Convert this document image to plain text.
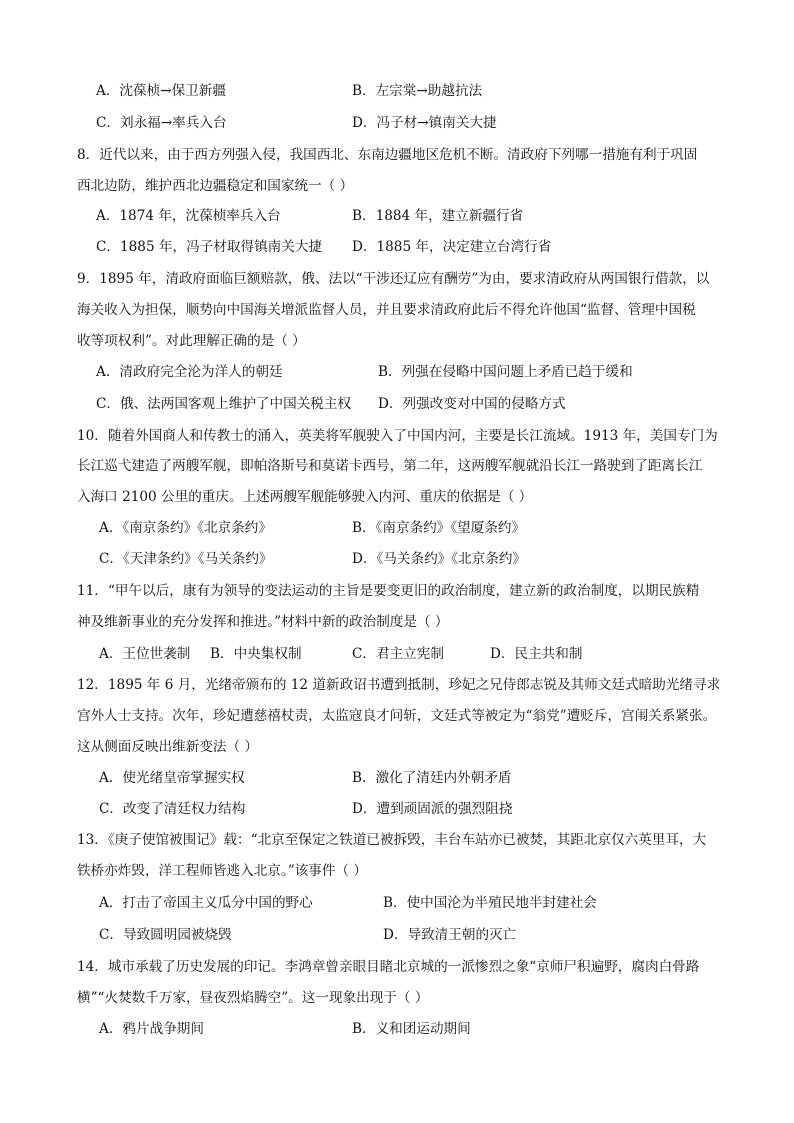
A．沈葆桢→保卫新疆	B．左宗棠→助越抗法
C．刘永福→率兵入台	D．冯子材→镇南关大捷
8．近代以来，由于西方列强入侵，我国西北、东南边疆地区危机不断。清政府下列哪一措施有利于巩固
西北边防，维护西北边疆稳定和国家统一（ ）
A．1874 年，沈葆桢率兵入台	B．1884 年，建立新疆行省
C．1885 年，冯子材取得镇南关大捷 D．1885 年，决定建立台湾行省
9．1895 年，清政府面临巨额赔款，俄、法以“干涉还辽应有酬劳”为由，要求清政府从两国银行借款，以
海关收入为担保，顺势向中国海关增派监督人员，并且要求清政府此后不得允许他国“监督、管理中国税
收等项权利”。对此理解正确的是（ ）
A．清政府完全沦为洋人的朝廷	B．列强在侵略中国问题上矛盾已趋于缓和
C．俄、法两国客观上维护了中国关税主权 D．列强改变对中国的侵略方式
10．随着外国商人和传教士的涌入，英美将军舰驶入了中国内河，主要是长江流域。1913 年，美国专门为
长江巡弋建造了两艘军舰，即帕洛斯号和莫诺卡西号，第二年，这两艘军舰就沿长江一路驶到了距离长江
入海口 2100 公里的重庆。上述两艘军舰能够驶入内河、重庆的依据是（ ）
A．《南京条约》《北京条约》	B．《南京条约》《望厦条约》
C．《天津条约》《马关条约》	D．《马关条约》《北京条约》
11．“甲午以后，康有为领导的变法运动的主旨是要变更旧的政治制度，建立新的政治制度，以期民族精
神及维新事业的充分发挥和推进。”材料中新的政治制度是（ ）
A．王位世袭制 B．中央集权制	C．君主立宪制	D．民主共和制
12．1895 年 6 月，光绪帝颁布的 12 道新政诏书遭到抵制，珍妃之兄侍郎志锐及其师文廷式暗助光绪寻求
宫外人士支持。次年，珍妃遭慈禧杖责，太监寇良才问斩，文廷式等被定为“翁党”遭贬斥，宫闱关系紧张。
这从侧面反映出维新变法（ ）
A．使光绪皇帝掌握实权	B．激化了清廷内外朝矛盾
C．改变了清廷权力结构	D．遭到顽固派的强烈阻挠
13．《庚子使馆被围记》载：“北京至保定之铁道已被拆毁，丰台车站亦已被焚，其距北京仅六英里耳，大
铁桥亦炸毁，洋工程师皆逃入北京。”该事件（ ）
A．打击了帝国主义瓜分中国的野心	B．使中国沦为半殖民地半封建社会
C．导致圆明园被烧毁	D．导致清王朝的灭亡
14．城市承载了历史发展的印记。李鸿章曾亲眼目睹北京城的一派惨烈之象“京师尸积遍野，腐肉白骨路
横”“火焚数千万家，昼夜烈焰腾空”。这一现象出现于（ ）
A．鸦片战争期间	B．义和团运动期间
